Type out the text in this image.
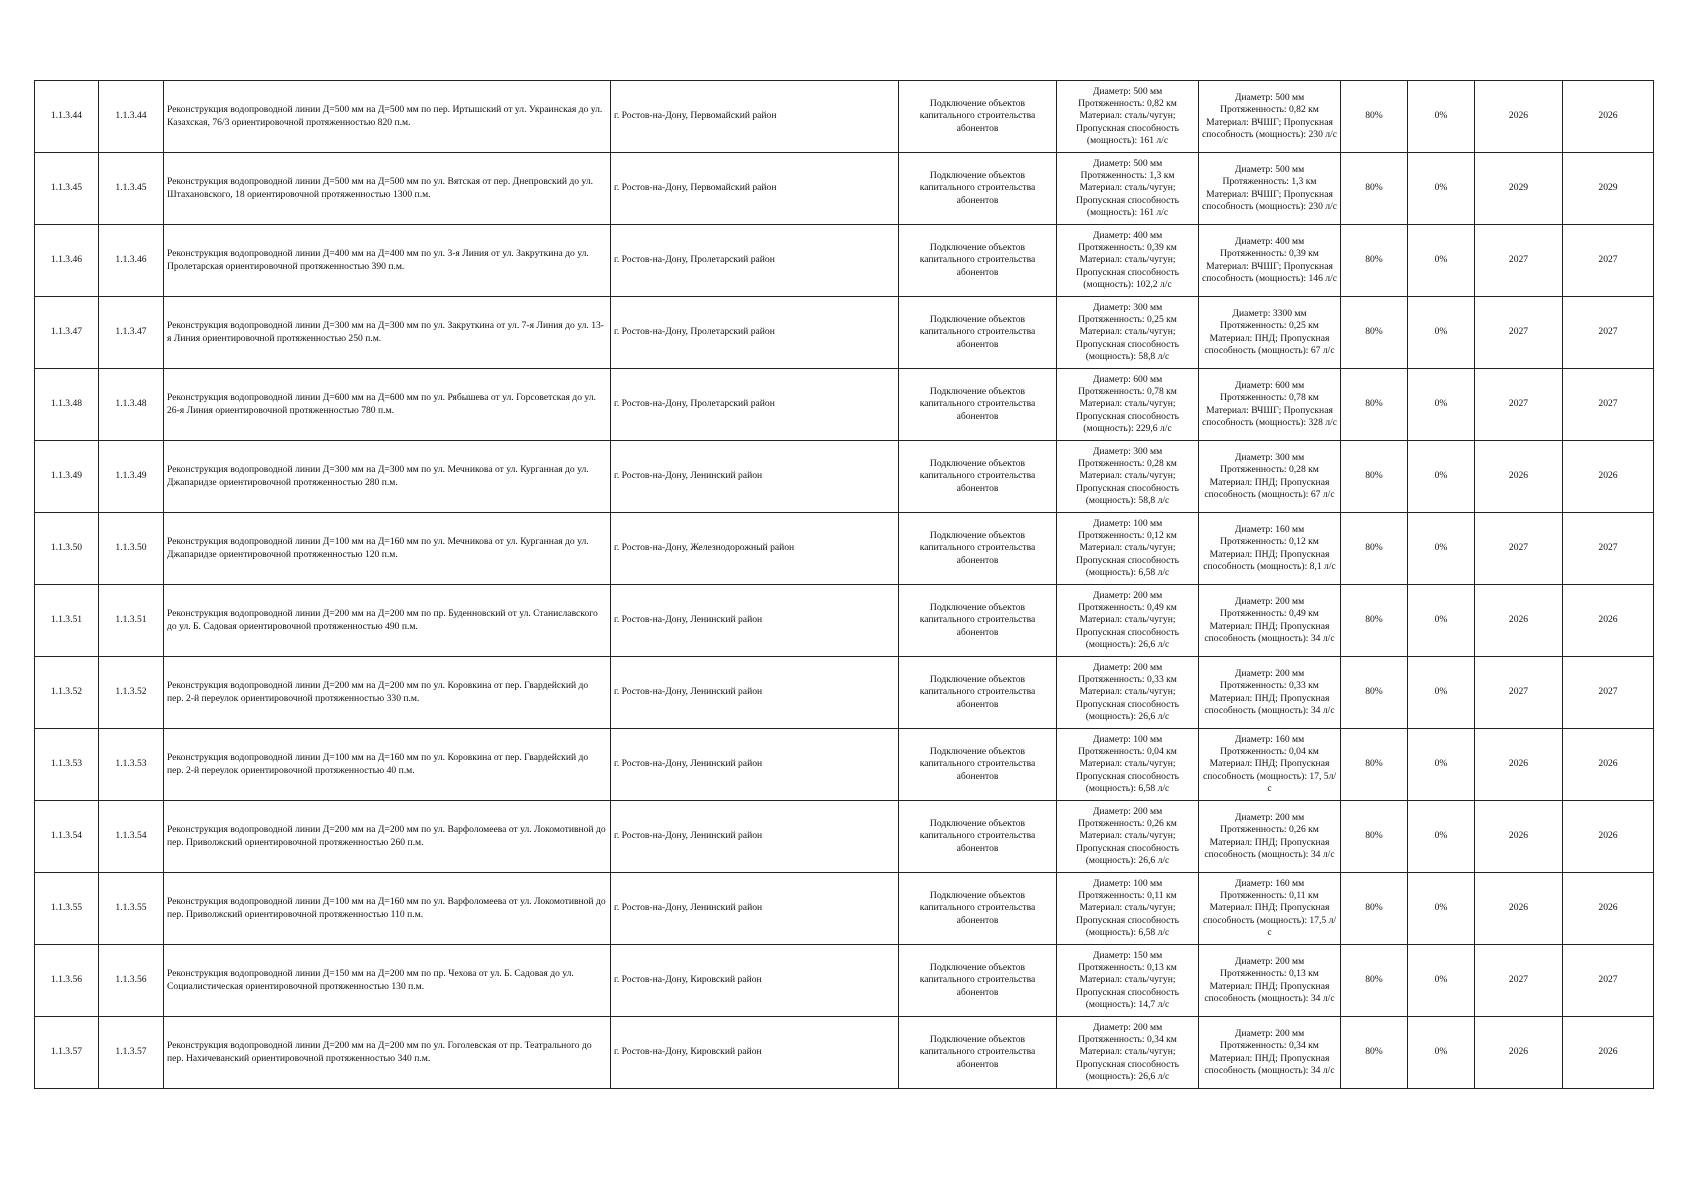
1.1.3.44	1.1.3.44	Реконструкция водопроводной линии Д=500 мм на Д=500 мм по пер. Иртышский от ул. Украинская до ул. Казахская, 76/3 ориентировочной протяженностью 820 п.м.	г. Ростов-на-Дону, Первомайский район	Подключение объектов капитального строительства абонентов	Диаметр: 500 мм Протяженность: 0,82 км Материал: сталь/чугун; Пропускная способность (мощность): 161 л/с	Диаметр: 500 мм Протяженность: 0,82 км Материал: ВЧШГ; Пропускная способность (мощность): 230 л/с	80%	0%	2026	2026
1.1.3.45	1.1.3.45	Реконструкция водопроводной линии Д=500 мм на Д=500 мм по ул. Вятская от пер. Днепровский до ул. Штахановского, 18 ориентировочной протяженностью 1300 п.м.	г. Ростов-на-Дону, Первомайский район	Подключение объектов капитального строительства абонентов	Диаметр: 500 мм Протяженность: 1,3 км Материал: сталь/чугун; Пропускная способность (мощность): 161 л/с	Диаметр: 500 мм Протяженность: 1,3 км Материал: ВЧШГ; Пропускная способность (мощность): 230 л/с	80%	0%	2029	2029
1.1.3.46	1.1.3.46	Реконструкция водопроводной линии Д=400 мм на Д=400 мм по ул. 3-я Линия от ул. Закруткина до ул. Пролетарская ориентировочной протяженностью 390 п.м.	г. Ростов-на-Дону, Пролетарский район	Подключение объектов капитального строительства абонентов	Диаметр: 400 мм Протяженность: 0,39 км Материал: сталь/чугун; Пропускная способность (мощность): 102,2 л/с	Диаметр: 400 мм Протяженность: 0,39 км Материал: ВЧШГ; Пропускная способность (мощность): 146 л/с	80%	0%	2027	2027
1.1.3.47	1.1.3.47	Реконструкция водопроводной линии Д=300 мм на Д=300 мм по ул. Закруткина от ул. 7-я Линия до ул. 13-я Линия ориентировочной протяженностью 250 п.м.	г. Ростов-на-Дону, Пролетарский район	Подключение объектов капитального строительства абонентов	Диаметр: 300 мм Протяженность: 0,25 км Материал: сталь/чугун; Пропускная способность (мощность): 58,8 л/с	Диаметр: 3300 мм Протяженность: 0,25 км Материал: ПНД; Пропускная способность (мощность): 67 л/с	80%	0%	2027	2027
1.1.3.48	1.1.3.48	Реконструкция водопроводной линии Д=600 мм на Д=600 мм по ул. Рябышева от ул. Горсоветская до ул. 26-я Линия ориентировочной протяженностью 780 п.м.	г. Ростов-на-Дону, Пролетарский район	Подключение объектов капитального строительства абонентов	Диаметр: 600 мм Протяженность: 0,78 км Материал: сталь/чугун; Пропускная способность (мощность): 229,6 л/с	Диаметр: 600 мм Протяженность: 0,78 км Материал: ВЧШГ; Пропускная способность (мощность): 328 л/с	80%	0%	2027	2027
1.1.3.49	1.1.3.49	Реконструкция водопроводной линии Д=300 мм на Д=300 мм по ул. Мечникова от ул. Курганная до ул. Джапаридзе ориентировочной протяженностью 280 п.м.	г. Ростов-на-Дону, Ленинский район	Подключение объектов капитального строительства абонентов	Диаметр: 300 мм Протяженность: 0,28 км Материал: сталь/чугун; Пропускная способность (мощность): 58,8 л/с	Диаметр: 300 мм Протяженность: 0,28 км Материал: ПНД; Пропускная способность (мощность): 67 л/с	80%	0%	2026	2026
1.1.3.50	1.1.3.50	Реконструкция водопроводной линии Д=100 мм на Д=160 мм по ул. Мечникова от ул. Курганная до ул. Джапаридзе ориентировочной протяженностью 120 п.м.	г. Ростов-на-Дону, Железнодорожный район	Подключение объектов капитального строительства абонентов	Диаметр: 100 мм Протяженность: 0,12 км Материал: сталь/чугун; Пропускная способность (мощность): 6,58 л/с	Диаметр: 160 мм Протяженность: 0,12 км Материал: ПНД; Пропускная способность (мощность): 8,1 л/с	80%	0%	2027	2027
1.1.3.51	1.1.3.51	Реконструкция водопроводной линии Д=200 мм на Д=200 мм по пр. Буденновский от ул. Станиславского до ул. Б. Садовая ориентировочной протяженностью 490 п.м.	г. Ростов-на-Дону, Ленинский район	Подключение объектов капитального строительства абонентов	Диаметр: 200 мм Протяженность: 0,49 км Материал: сталь/чугун; Пропускная способность (мощность): 26,6 л/с	Диаметр: 200 мм Протяженность: 0,49 км Материал: ПНД; Пропускная способность (мощность): 34 л/с	80%	0%	2026	2026
1.1.3.52	1.1.3.52	Реконструкция водопроводной линии Д=200 мм на Д=200 мм по ул. Коровкина от пер. Гвардейский до пер. 2-й переулок ориентировочной протяженностью 330 п.м.	г. Ростов-на-Дону, Ленинский район	Подключение объектов капитального строительства абонентов	Диаметр: 200 мм Протяженность: 0,33 км Материал: сталь/чугун; Пропускная способность (мощность): 26,6 л/с	Диаметр: 200 мм Протяженность: 0,33 км Материал: ПНД; Пропускная способность (мощность): 34 л/с	80%	0%	2027	2027
1.1.3.53	1.1.3.53	Реконструкция водопроводной линии Д=100 мм на Д=160 мм по ул. Коровкина от пер. Гвардейский до пер. 2-й переулок ориентировочной протяженностью 40 п.м.	г. Ростов-на-Дону, Ленинский район	Подключение объектов капитального строительства абонентов	Диаметр: 100 мм Протяженность: 0,04 км Материал: сталь/чугун; Пропускная способность (мощность): 6,58 л/с	Диаметр: 160 мм Протяженность: 0,04 км Материал: ПНД; Пропускная способность (мощность): 17, 5л/с	80%	0%	2026	2026
1.1.3.54	1.1.3.54	Реконструкция водопроводной линии Д=200 мм на Д=200 мм по ул. Варфоломеева от ул. Локомотивной до пер. Приволжский ориентировочной протяженностью 260 п.м.	г. Ростов-на-Дону, Ленинский район	Подключение объектов капитального строительства абонентов	Диаметр: 200 мм Протяженность: 0,26 км Материал: сталь/чугун; Пропускная способность (мощность): 26,6 л/с	Диаметр: 200 мм Протяженность: 0,26 км Материал: ПНД; Пропускная способность (мощность): 34 л/с	80%	0%	2026	2026
1.1.3.55	1.1.3.55	Реконструкция водопроводной линии Д=100 мм на Д=160 мм по ул. Варфоломеева от ул. Локомотивной до пер. Приволжский ориентировочной протяженностью 110 п.м.	г. Ростов-на-Дону, Ленинский район	Подключение объектов капитального строительства абонентов	Диаметр: 100 мм Протяженность: 0,11 км Материал: сталь/чугун; Пропускная способность (мощность): 6,58 л/с	Диаметр: 160 мм Протяженность: 0,11 км Материал: ПНД; Пропускная способность (мощность): 17,5 л/с	80%	0%	2026	2026
1.1.3.56	1.1.3.56	Реконструкция водопроводной линии Д=150 мм на Д=200 мм по пр. Чехова от ул. Б. Садовая до ул. Социалистическая ориентировочной протяженностью 130 п.м.	г. Ростов-на-Дону, Кировский район	Подключение объектов капитального строительства абонентов	Диаметр: 150 мм Протяженность: 0,13 км Материал: сталь/чугун; Пропускная способность (мощность): 14,7 л/с	Диаметр: 200 мм Протяженность: 0,13 км Материал: ПНД; Пропускная способность (мощность): 34 л/с	80%	0%	2027	2027
1.1.3.57	1.1.3.57	Реконструкция водопроводной линии Д=200 мм на Д=200 мм по ул. Гоголевская от пр. Театрального до пер. Нахичеванский ориентировочной протяженностью 340 п.м.	г. Ростов-на-Дону, Кировский район	Подключение объектов капитального строительства абонентов	Диаметр: 200 мм Протяженность: 0,34 км Материал: сталь/чугун; Пропускная способность (мощность): 26,6 л/с	Диаметр: 200 мм Протяженность: 0,34 км Материал: ПНД; Пропускная способность (мощность): 34 л/с	80%	0%	2026	2026
